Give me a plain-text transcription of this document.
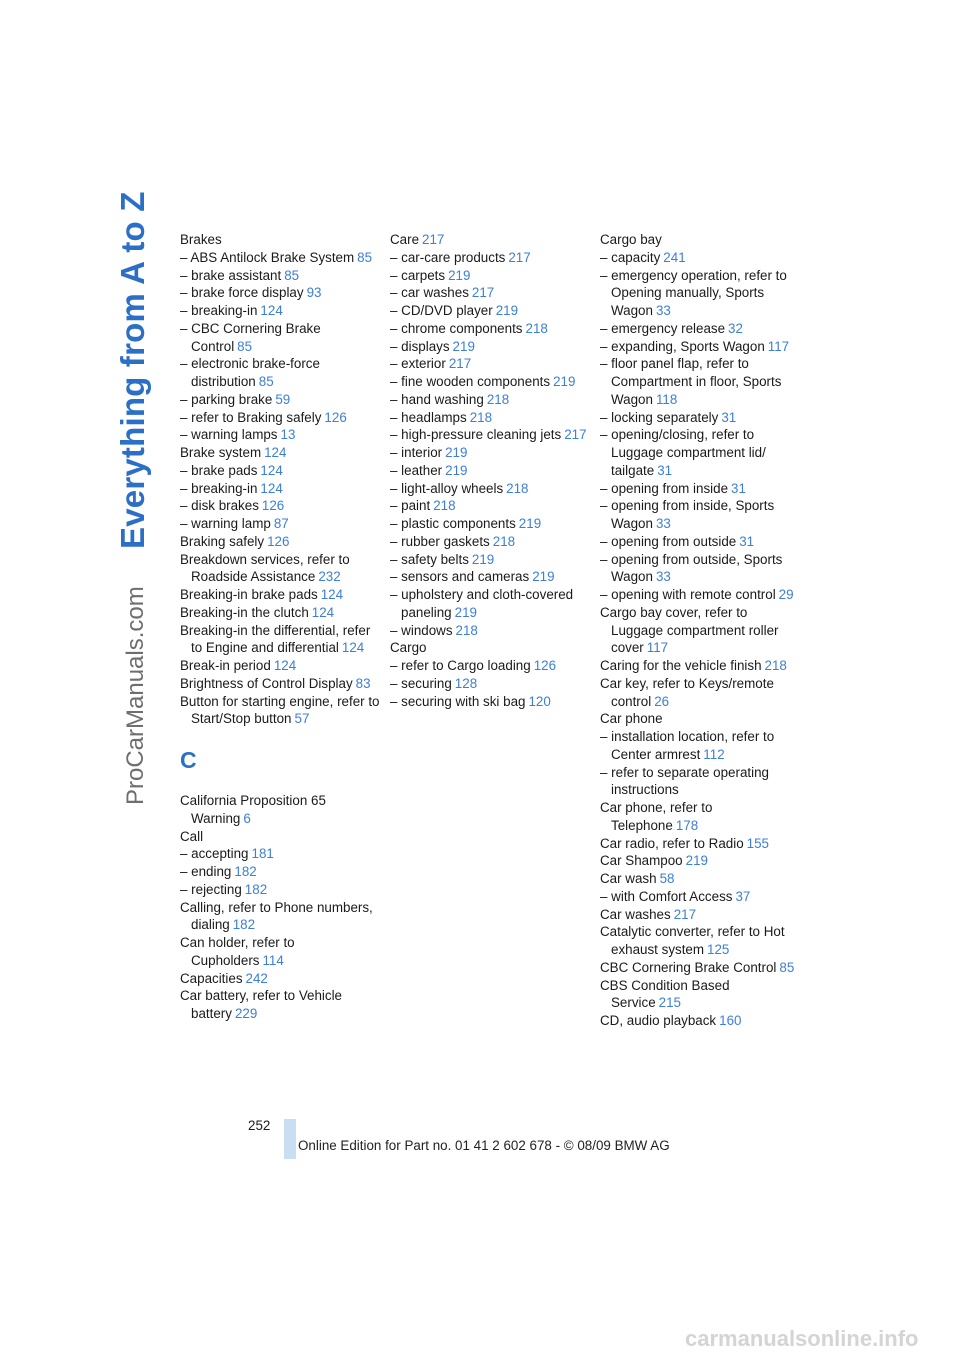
Everything from A to Z
ProCarManuals.com
Brakes
– ABS Antilock Brake System 85
– brake assistant 85
– brake force display 93
– breaking-in 124
– CBC Cornering Brake Control 85
– electronic brake-force distribution 85
– parking brake 59
– refer to Braking safely 126
– warning lamps 13
Brake system 124
– brake pads 124
– breaking-in 124
– disk brakes 126
– warning lamp 87
Braking safely 126
Breakdown services, refer to Roadside Assistance 232
Breaking-in brake pads 124
Breaking-in the clutch 124
Breaking-in the differential, refer to Engine and differential 124
Break-in period 124
Brightness of Control Display 83
Button for starting engine, refer to Start/Stop button 57
C
California Proposition 65 Warning 6
Call
– accepting 181
– ending 182
– rejecting 182
Calling, refer to Phone numbers, dialing 182
Can holder, refer to Cupholders 114
Capacities 242
Car battery, refer to Vehicle battery 229
Care 217
– car-care products 217
– carpets 219
– car washes 217
– CD/DVD player 219
– chrome components 218
– displays 219
– exterior 217
– fine wooden components 219
– hand washing 218
– headlamps 218
– high-pressure cleaning jets 217
– interior 219
– leather 219
– light-alloy wheels 218
– paint 218
– plastic components 219
– rubber gaskets 218
– safety belts 219
– sensors and cameras 219
– upholstery and cloth-covered paneling 219
– windows 218
Cargo
– refer to Cargo loading 126
– securing 128
– securing with ski bag 120
Cargo bay
– capacity 241
– emergency operation, refer to Opening manually, Sports Wagon 33
– emergency release 32
– expanding, Sports Wagon 117
– floor panel flap, refer to Compartment in floor, Sports Wagon 118
– locking separately 31
– opening/closing, refer to Luggage compartment lid/ tailgate 31
– opening from inside 31
– opening from inside, Sports Wagon 33
– opening from outside 31
– opening from outside, Sports Wagon 33
– opening with remote control 29
Cargo bay cover, refer to Luggage compartment roller cover 117
Caring for the vehicle finish 218
Car key, refer to Keys/remote control 26
Car phone
– installation location, refer to Center armrest 112
– refer to separate operating instructions
Car phone, refer to Telephone 178
Car radio, refer to Radio 155
Car Shampoo 219
Car wash 58
– with Comfort Access 37
Car washes 217
Catalytic converter, refer to Hot exhaust system 125
CBC Cornering Brake Control 85
CBS Condition Based Service 215
CD, audio playback 160
252
Online Edition for Part no. 01 41 2 602 678 - © 08/09 BMW AG
carmanualsonline.info
